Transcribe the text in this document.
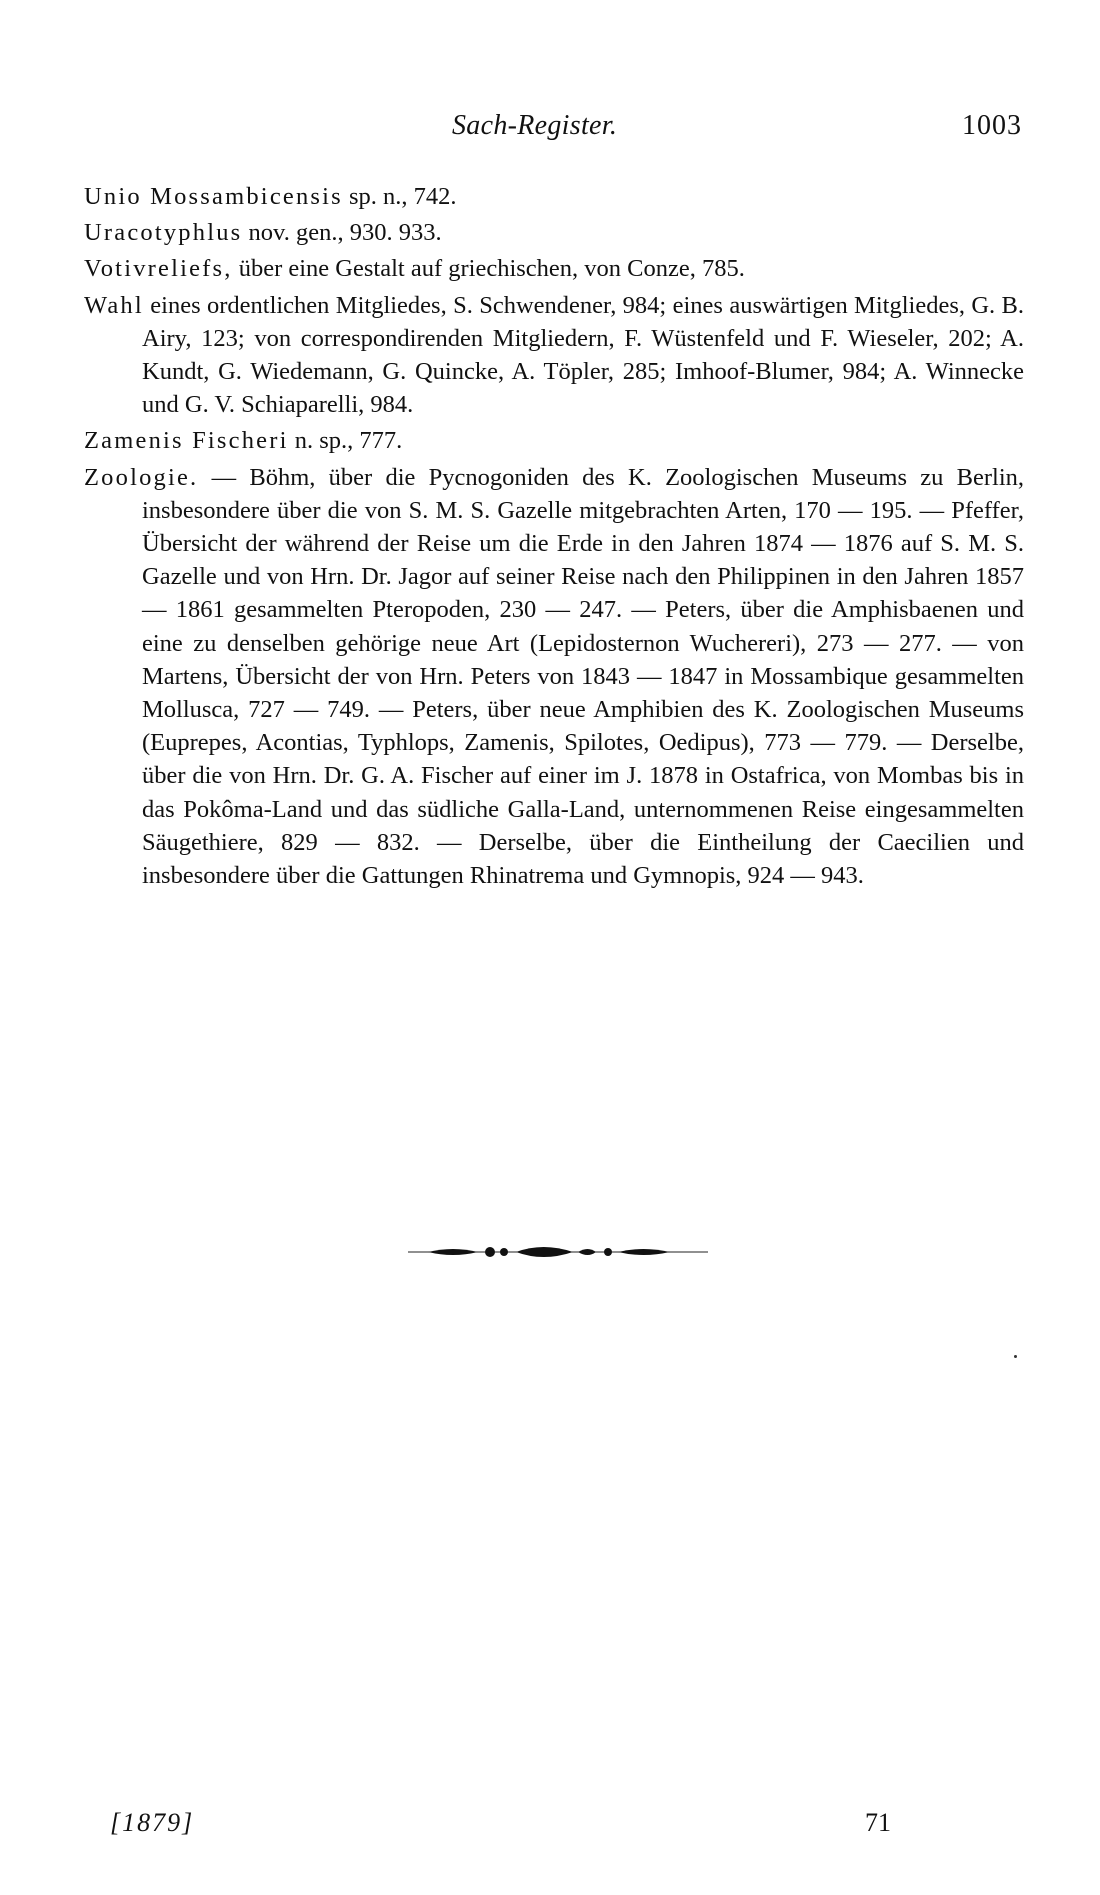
Sach-Register.	1003

Unio Mossambicensis sp. n., 742.

Uracotyphlus nov. gen., 930. 933.

Votivreliefs, über eine Gestalt auf griechischen, von Conze, 785.

Wahl eines ordentlichen Mitgliedes, S. Schwendener, 984; eines auswärtigen Mitgliedes, G. B. Airy, 123; von correspondirenden Mitgliedern, F. Wüstenfeld und F. Wieseler, 202; A. Kundt, G. Wiedemann, G. Quincke, A. Töpler, 285; Imhoof-Blumer, 984; A. Winnecke und G. V. Schiaparelli, 984.

Zamenis Fischeri n. sp., 777.

Zoologie. — Böhm, über die Pycnogoniden des K. Zoologischen Museums zu Berlin, insbesondere über die von S. M. S. Gazelle mitgebrachten Arten, 170 — 195. — Pfeffer, Übersicht der während der Reise um die Erde in den Jahren 1874 — 1876 auf S. M. S. Gazelle und von Hrn. Dr. Jagor auf seiner Reise nach den Philippinen in den Jahren 1857 — 1861 gesammelten Pteropoden, 230 — 247. — Peters, über die Amphisbaenen und eine zu denselben gehörige neue Art (Lepidosternon Wuchereri), 273 — 277. — von Martens, Übersicht der von Hrn. Peters von 1843 — 1847 in Mossambique gesammelten Mollusca, 727 — 749. — Peters, über neue Amphibien des K. Zoologischen Museums (Euprepes, Acontias, Typhlops, Zamenis, Spilotes, Oedipus), 773 — 779. — Derselbe, über die von Hrn. Dr. G. A. Fischer auf einer im J. 1878 in Ostafrica, von Mombas bis in das Pokôma-Land und das südliche Galla-Land, unternommenen Reise eingesammelten Säugethiere, 829 — 832. — Derselbe, über die Eintheilung der Caecilien und insbesondere über die Gattungen Rhinatrema und Gymnopis, 924 — 943.

[1879]	71
